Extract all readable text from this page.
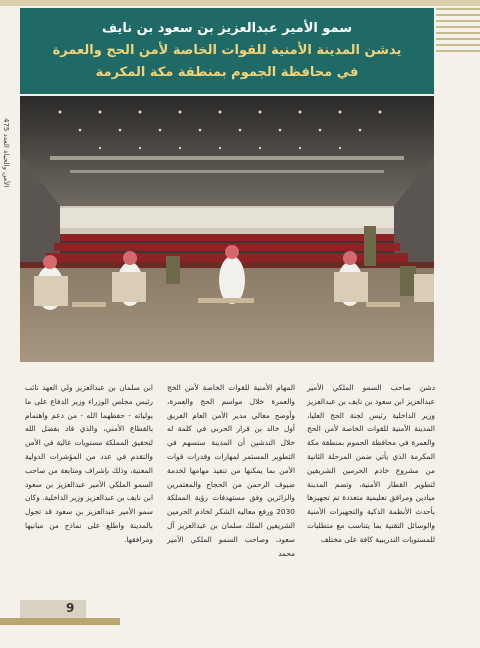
سمو الأمير عبدالعزيز بن سعود بن نايف
يدشن المدينة الأمنية للقوات الخاصة لأمن الحج والعمرة
في محافظة الجموم بمنطقة مكة المكرمة
الأمن والحياة العدد 475
دشن صاحب السمو الملكي الأمير عبدالعزيز ابن سعود بن نايف بن عبدالعزيز وزير الداخلية رئيس لجنة الحج العليا، المدينة الأمنية للقوات الخاصة لأمن الحج والعمرة في محافظة الجموم بمنطقة مكة المكرمة الذي يأتي ضمن المرحلة الثانية من مشروع خادم الحرمين الشريفين لتطوير القطار الأمنية، وتضم المدينة ميادين ومرافق تعليمية متعددة تم تجهيزها بأحدث الأنظمة الذكية والتجهيزات الأمنية والوسائل التقنية بما يتناسب مع متطلبات للمستويات التدريبية كافة على مختلف
المهام الأمنية للقوات الخاصة لأمن الحج والعمرة خلال مواسم الحج والعمرة، وأوضح معالي مدير الأمن العام الفريق أول خالد بن قرار الحربي في كلمة له خلال التدشين أن المدينة ستسهم في التطوير المستمر لمهارات وقدرات قوات الأمن بما يمكنها من تنفيذ مهامها لخدمة ضيوف الرحمن من الحجاج والمعتمرين والزائرين وفق مستهدفات رؤية المملكة 2030 ورفع معاليه الشكر لخادم الحرمين الشريفين الملك سلمان بن عبدالعزيز آل سعود، وصاحب السمو الملكي الأمير محمد
ابن سلمان بن عبدالعزيز ولي العهد نائب رئيس مجلس الوزراء وزير الدفاع على ما يولياته - حفظهما الله - من دعم واهتمام بالقطاع الأمني، والذي قاد بفضل الله لتحقيق المملكة مستويات عالية في الأمن والتقدم في عدد من المؤشرات الدولية المعنية، وذلك بإشراف ومتابعة من صاحب السمو الملكي الأمير عبدالعزيز بن سعود ابن نايف بن عبدالعزيز وزير الداخلية. وكان سمو الأمير عبدالعزيز بن سعود قد تجول بالمدينة واطلع على نماذج من مبانيها ومرافقها.
9
